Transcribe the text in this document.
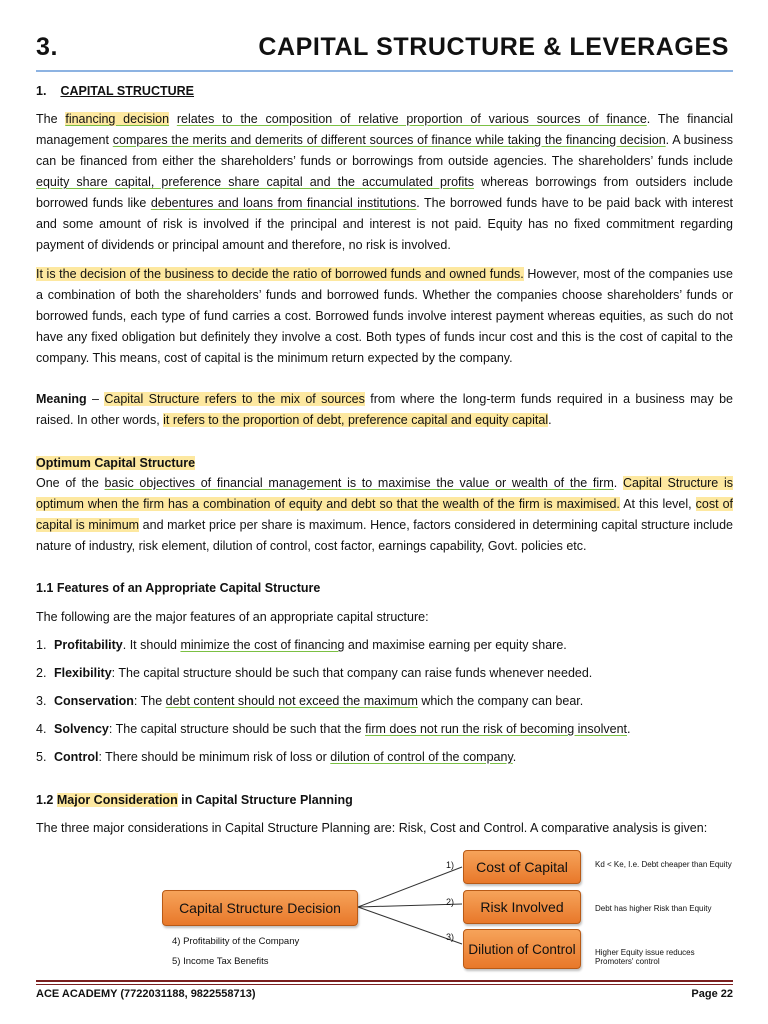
3.	CAPITAL STRUCTURE & LEVERAGES
1. CAPITAL STRUCTURE

The financing decision relates to the composition of relative proportion of various sources of finance. The financial management compares the merits and demerits of different sources of finance while taking the financing decision. A business can be financed from either the shareholders’ funds or borrowings from outside agencies. The shareholders’ funds include equity share capital, preference share capital and the accumulated profits whereas borrowings from outsiders include borrowed funds like debentures and loans from financial institutions. The borrowed funds have to be paid back with interest and some amount of risk is involved if the principal and interest is not paid. Equity has no fixed commitment regarding payment of dividends or principal amount and therefore, no risk is involved.

It is the decision of the business to decide the ratio of borrowed funds and owned funds. However, most of the companies use a combination of both the shareholders’ funds and borrowed funds. Whether the companies choose shareholders’ funds or borrowed funds, each type of fund carries a cost. Borrowed funds involve interest payment whereas equities, as such do not have any fixed obligation but definitely they involve a cost. Both types of funds incur cost and this is the cost of capital to the company. This means, cost of capital is the minimum return expected by the company.

Meaning – Capital Structure refers to the mix of sources from where the long-term funds required in a business may be raised. In other words, it refers to the proportion of debt, preference capital and equity capital.

Optimum Capital Structure

One of the basic objectives of financial management is to maximise the value or wealth of the firm. Capital Structure is optimum when the firm has a combination of equity and debt so that the wealth of the firm is maximised. At this level, cost of capital is minimum and market price per share is maximum. Hence, factors considered in determining capital structure include nature of industry, risk element, dilution of control, cost factor, earnings capability, Govt. policies etc.

1.1 Features of an Appropriate Capital Structure
The following are the major features of an appropriate capital structure:
1. Profitability. It should minimize the cost of financing and maximise earning per equity share.
2. Flexibility: The capital structure should be such that company can raise funds whenever needed.
3. Conservation: The debt content should not exceed the maximum which the company can bear.
4. Solvency: The capital structure should be such that the firm does not run the risk of becoming insolvent.
5. Control: There should be minimum risk of loss or dilution of control of the company.
1.2 Major Consideration in Capital Structure Planning
The three major considerations in Capital Structure Planning are: Risk, Cost and Control. A comparative analysis is given:
Capital Structure Decision
1)	Cost of Capital	Kd < Ke, I.e. Debt cheaper than Equity
2)	Risk Involved	Debt has higher Risk than Equity
3)
Dilution of Control	Higher Equity issue reduces Promoters' control
4) Profitability of the Company
5) Income Tax Benefits
ACE ACADEMY (7722031188, 9822558713)	Page 22
